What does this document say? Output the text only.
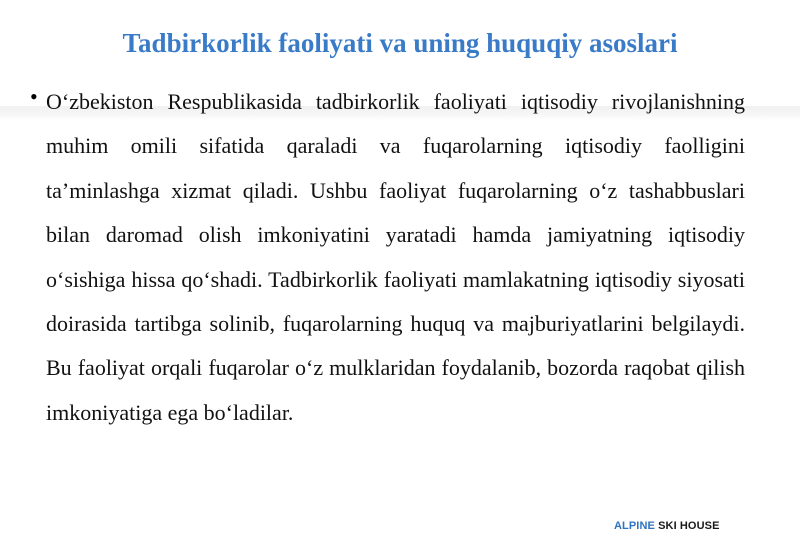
Tadbirkorlik faoliyati va uning huquqiy asoslari
• O‘zbekiston Respublikasida tadbirkorlik faoliyati iqtisodiy rivojlanishning muhim omili sifatida qaraladi va fuqarolarning iqtisodiy faolligini ta’minlashga xizmat qiladi. Ushbu faoliyat fuqarolarning o‘z tashabbuslari bilan daromad olish imkoniyatini yaratadi hamda jamiyatning iqtisodiy o‘sishiga hissa qo‘shadi. Tadbirkorlik faoliyati mamlakatning iqtisodiy siyosati doirasida tartibga solinib, fuqarolarning huquq va majburiyatlarini belgilaydi. Bu faoliyat orqali fuqarolar o‘z mulklaridan foydalanib, bozorda raqobat qilish imkoniyatiga ega bo‘ladilar.

ALPINE SKI HOUSE
